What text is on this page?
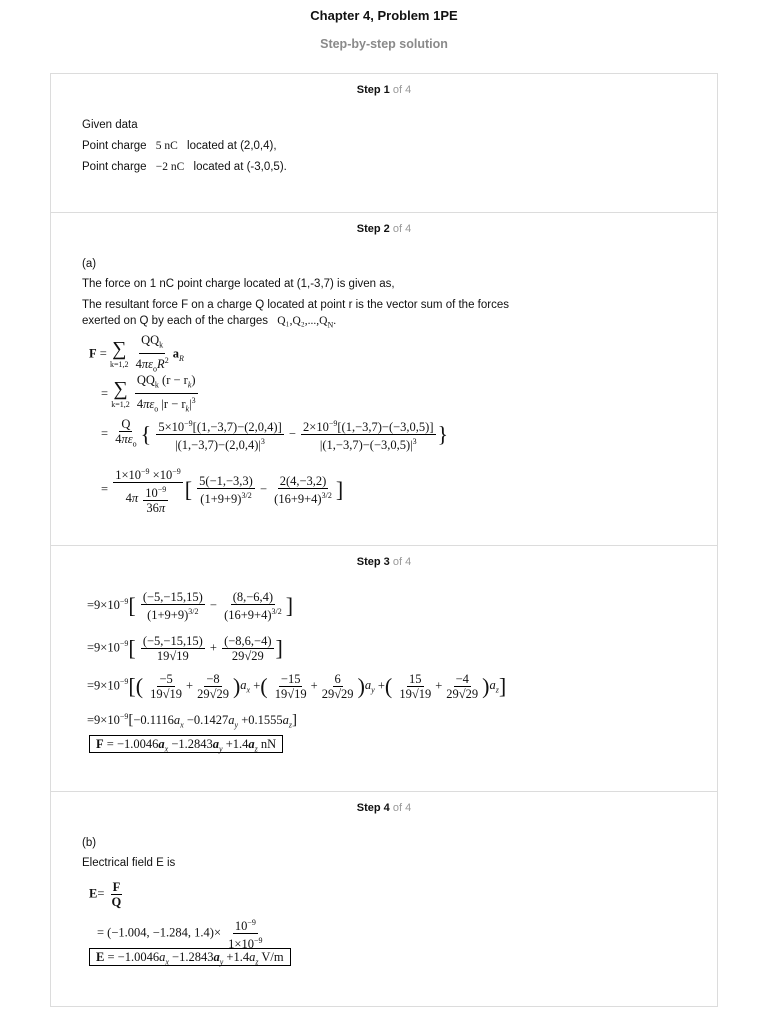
Chapter 4, Problem 1PE
Step-by-step solution
Step 1 of 4
Given data
Point charge 5 nC located at (2,0,4),
Point charge −2 nC located at (-3,0,5).
Step 2 of 4
(a)
The force on 1 nC point charge located at (1,-3,7) is given as,
The resultant force F on a charge Q located at point r is the vector sum of the forces
exerted on Q by each of the charges $Q_1,Q_2,...,Q_N$.
F = ∑
k=1,2
$\frac{QQ_k}{4\pi\varepsilon_oR^2} a_R$
= ∑
k=1,2
$\frac{QQ_k (r - r_k)}{4\pi\varepsilon_o |r - r_k|^3}$
= $\frac{Q}{4\pi\varepsilon_o}$ { $\frac{5\times 10^{-9}[(1,-3,7)-(2,0,4)]}{|(1,-3,7)-(2,0,4)|^3} - \frac{2\times 10^{-9}[(1,-3,7)-(-3,0,5)]}{|(1,-3,7)-(-3,0,5)|^3}$ }
= $\frac{1\times 10^{-9} \times 10^{-9}}{4\pi \frac{10^{-9}}{36\pi}}$ [ $\frac{5(-1,-3,3)}{(1+9+9)^{3/2}} - \frac{2(4,-3,2)}{(16+9+4)^{3/2}}$ ]
Step 3 of 4
$=9\times 10^{-9}[ \frac{(-5,-15,15)}{(1+9+9)^{3/2}} - \frac{(8,-6,4)}{(16+9+4)^{3/2}}$ ]
$=9\times 10^{-9}[ \frac{(-5,-15,15)}{19√19} + \frac{(-8,6,-4)}{29√29}$ ]
$=9\times 10^{-9}[( \frac{-5}{19√19} + \frac{-8}{29√29} )a_x$ +( $\frac{-15}{19√19} + \frac{6}{29√29} )a_y$ +( $\frac{15}{19√19} + \frac{-4}{29√29} )a_z$]
$=9\times 10^{-9}[-0.1116a_x -0.1427a_y +0.1555a_z]$
$F = -1.0046a_x -1.2843a_y +1.4a_z$ nN
Step 4 of 4
(b)
Electrical field E is
$E= \frac{F}{Q}$
= (−1.004, −1.284, $1.4)\times \frac{10^{-9}}{1\times 10^{-9}}$
$E = -1.0046a_x -1.2843a_y +1.4a_z$ V/m
